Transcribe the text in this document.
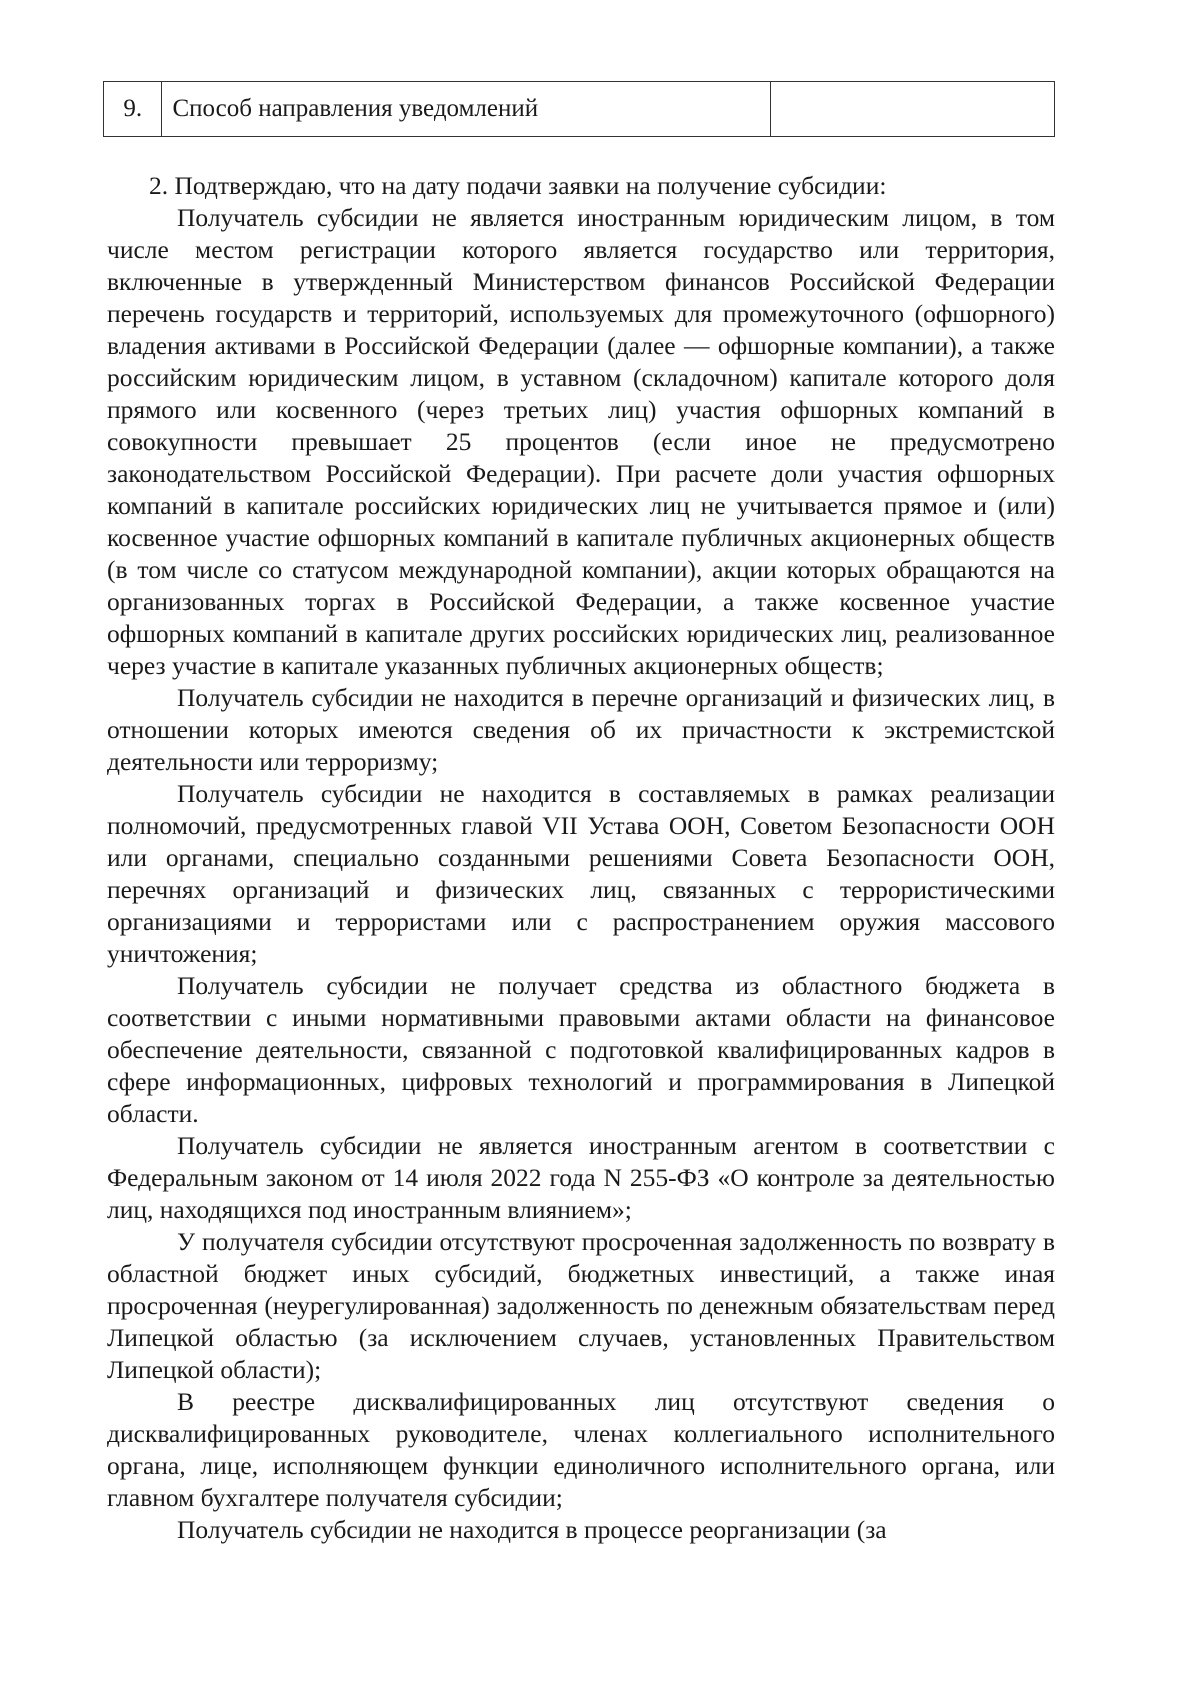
9.	Способ направления уведомлений	

2. Подтверждаю, что на дату подачи заявки на получение субсидии:

Получатель субсидии не является иностранным юридическим лицом, в том числе местом регистрации которого является государство или территория, включенные в утвержденный Министерством финансов Российской Федерации перечень государств и территорий, используемых для промежуточного (офшорного) владения активами в Российской Федерации (далее — офшорные компании), а также российским юридическим лицом, в уставном (складочном) капитале которого доля прямого или косвенного (через третьих лиц) участия офшорных компаний в совокупности превышает 25 процентов (если иное не предусмотрено законодательством Российской Федерации). При расчете доли участия офшорных компаний в капитале российских юридических лиц не учитывается прямое и (или) косвенное участие офшорных компаний в капитале публичных акционерных обществ (в том числе со статусом международной компании), акции которых обращаются на организованных торгах в Российской Федерации, а также косвенное участие офшорных компаний в капитале других российских юридических лиц, реализованное через участие в капитале указанных публичных акционерных обществ;

Получатель субсидии не находится в перечне организаций и физических лиц, в отношении которых имеются сведения об их причастности к экстремистской деятельности или терроризму;

Получатель субсидии не находится в составляемых в рамках реализации полномочий, предусмотренных главой VII Устава ООН, Советом Безопасности ООН или органами, специально созданными решениями Совета Безопасности ООН, перечнях организаций и физических лиц, связанных с террористическими организациями и террористами или с распространением оружия массового уничтожения;

Получатель субсидии не получает средства из областного бюджета в соответствии с иными нормативными правовыми актами области на финансовое обеспечение деятельности, связанной с подготовкой квалифицированных кадров в сфере информационных, цифровых технологий и программирования в Липецкой области.

Получатель субсидии не является иностранным агентом в соответствии с Федеральным законом от 14 июля 2022 года N 255-ФЗ «О контроле за деятельностью лиц, находящихся под иностранным влиянием»;

У получателя субсидии отсутствуют просроченная задолженность по возврату в областной бюджет иных субсидий, бюджетных инвестиций, а также иная просроченная (неурегулированная) задолженность по денежным обязательствам перед Липецкой областью (за исключением случаев, установленных Правительством Липецкой области);

В реестре дисквалифицированных лиц отсутствуют сведения о дисквалифицированных руководителе, членах коллегиального исполнительного органа, лице, исполняющем функции единоличного исполнительного органа, или главном бухгалтере получателя субсидии;

Получатель субсидии не находится в процессе реорганизации (за
